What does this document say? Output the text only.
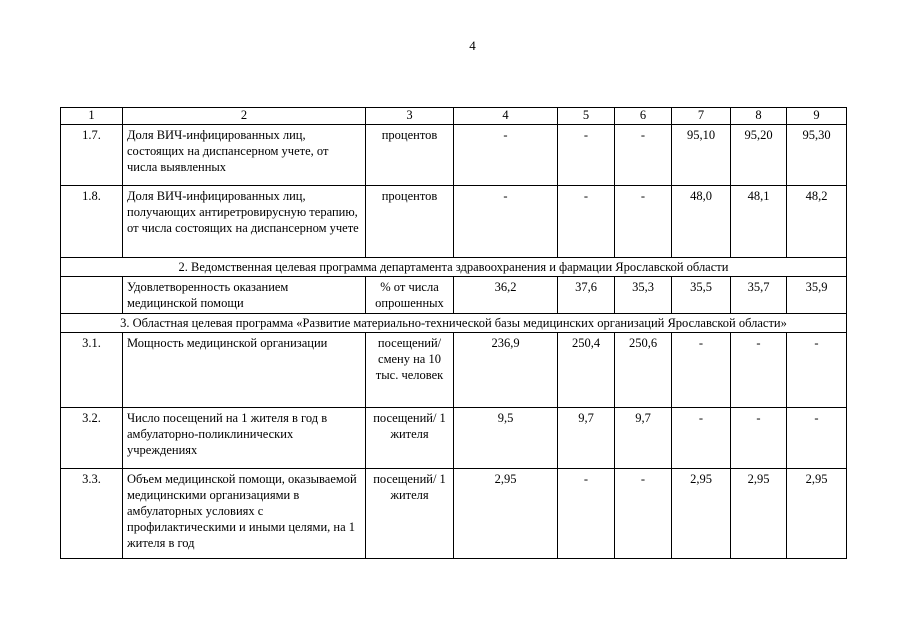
4
1	2	3	4	5	6	7	8	9
1.7.	Доля ВИЧ-инфицированных лиц, состоящих на диспансерном учете, от числа выявленных	процентов	-	-	-	95,10	95,20	95,30
1.8.	Доля ВИЧ-инфицированных лиц, получающих антиретровирусную терапию, от числа состоящих на диспансерном учете	процентов	-	-	-	48,0	48,1	48,2
2. Ведомственная целевая программа департамента здравоохранения и фармации Ярославской области								
	Удовлетворенность оказанием медицинской помощи	% от числа опрошенных	36,2	37,6	35,3	35,5	35,7	35,9
3. Областная целевая программа «Развитие материально-технической базы медицинских организаций Ярославской области»								
3.1.	Мощность медицинской организации	посещений/ смену на 10 тыс. человек	236,9	250,4	250,6	-	-	-
3.2.	Число посещений на 1 жителя в год в амбулаторно-поликлинических учреждениях	посещений/ 1 жителя	9,5	9,7	9,7	-	-	-
3.3.	Объем медицинской помощи, оказываемой медицинскими организациями в амбулаторных условиях с профилактическими и иными целями, на 1 жителя в год	посещений/ 1 жителя	2,95	-	-	2,95	2,95	2,95
